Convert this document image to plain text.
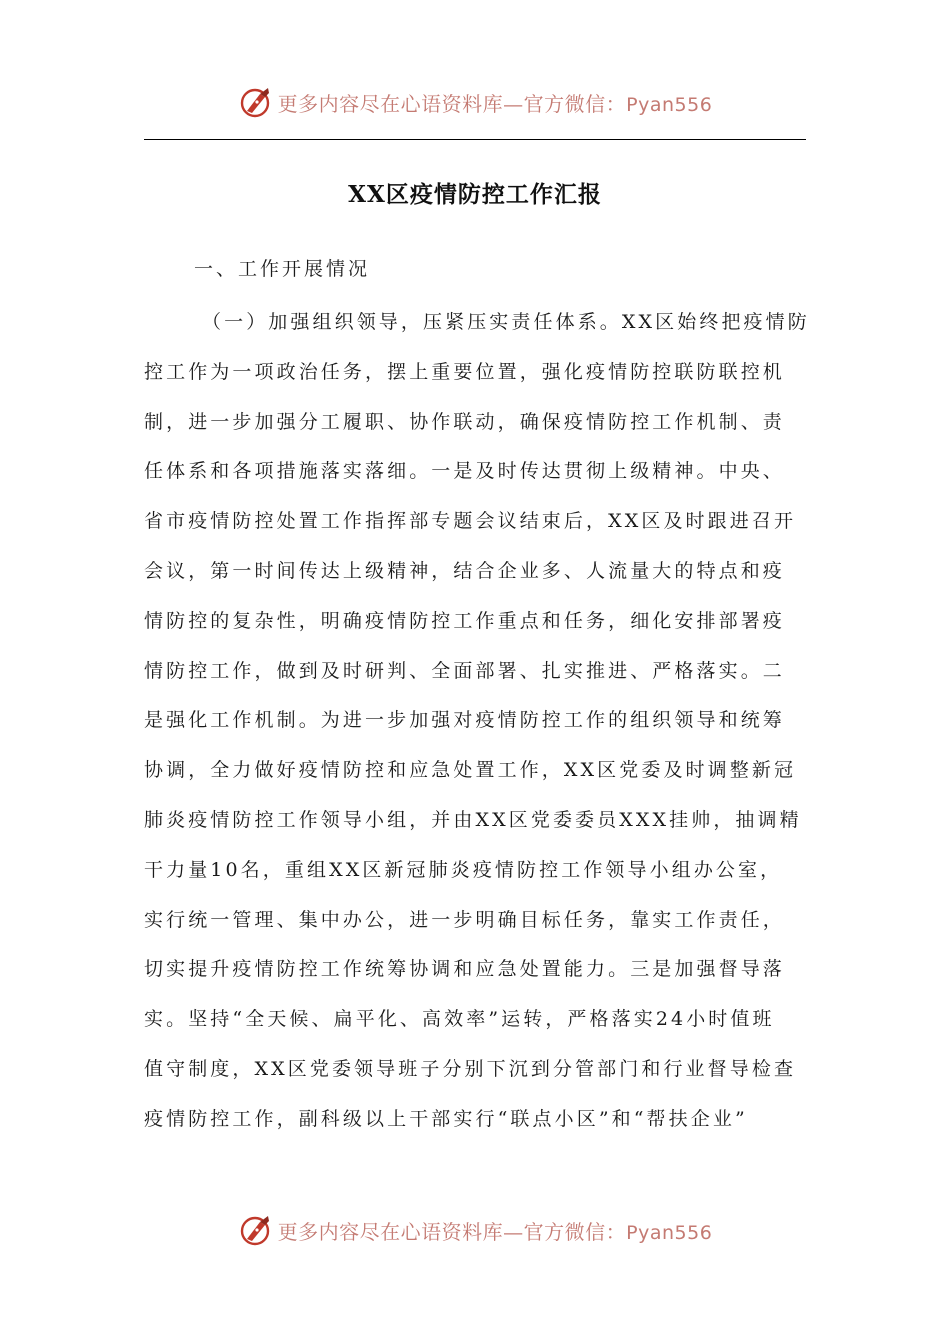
更多内容尽在心语资料库—官方微信：Pyan556
XX区疫情防控工作汇报

一、工作开展情况

（一）加强组织领导，压紧压实责任体系。XX区始终把疫情防
控工作为一项政治任务，摆上重要位置，强化疫情防控联防联控机
制，进一步加强分工履职、协作联动，确保疫情防控工作机制、责
任体系和各项措施落实落细。一是及时传达贯彻上级精神。中央、
省市疫情防控处置工作指挥部专题会议结束后，XX区及时跟进召开
会议，第一时间传达上级精神，结合企业多、人流量大的特点和疫
情防控的复杂性，明确疫情防控工作重点和任务，细化安排部署疫
情防控工作，做到及时研判、全面部署、扎实推进、严格落实。二
是强化工作机制。为进一步加强对疫情防控工作的组织领导和统筹
协调，全力做好疫情防控和应急处置工作，XX区党委及时调整新冠
肺炎疫情防控工作领导小组，并由XX区党委委员XXX挂帅，抽调精
干力量10名，重组XX区新冠肺炎疫情防控工作领导小组办公室，
实行统一管理、集中办公，进一步明确目标任务，靠实工作责任，
切实提升疫情防控工作统筹协调和应急处置能力。三是加强督导落
实。坚持“全天候、扁平化、高效率”运转，严格落实24小时值班
值守制度，XX区党委领导班子分别下沉到分管部门和行业督导检查
疫情防控工作，副科级以上干部实行“联点小区”和“帮扶企业”
更多内容尽在心语资料库—官方微信：Pyan556
